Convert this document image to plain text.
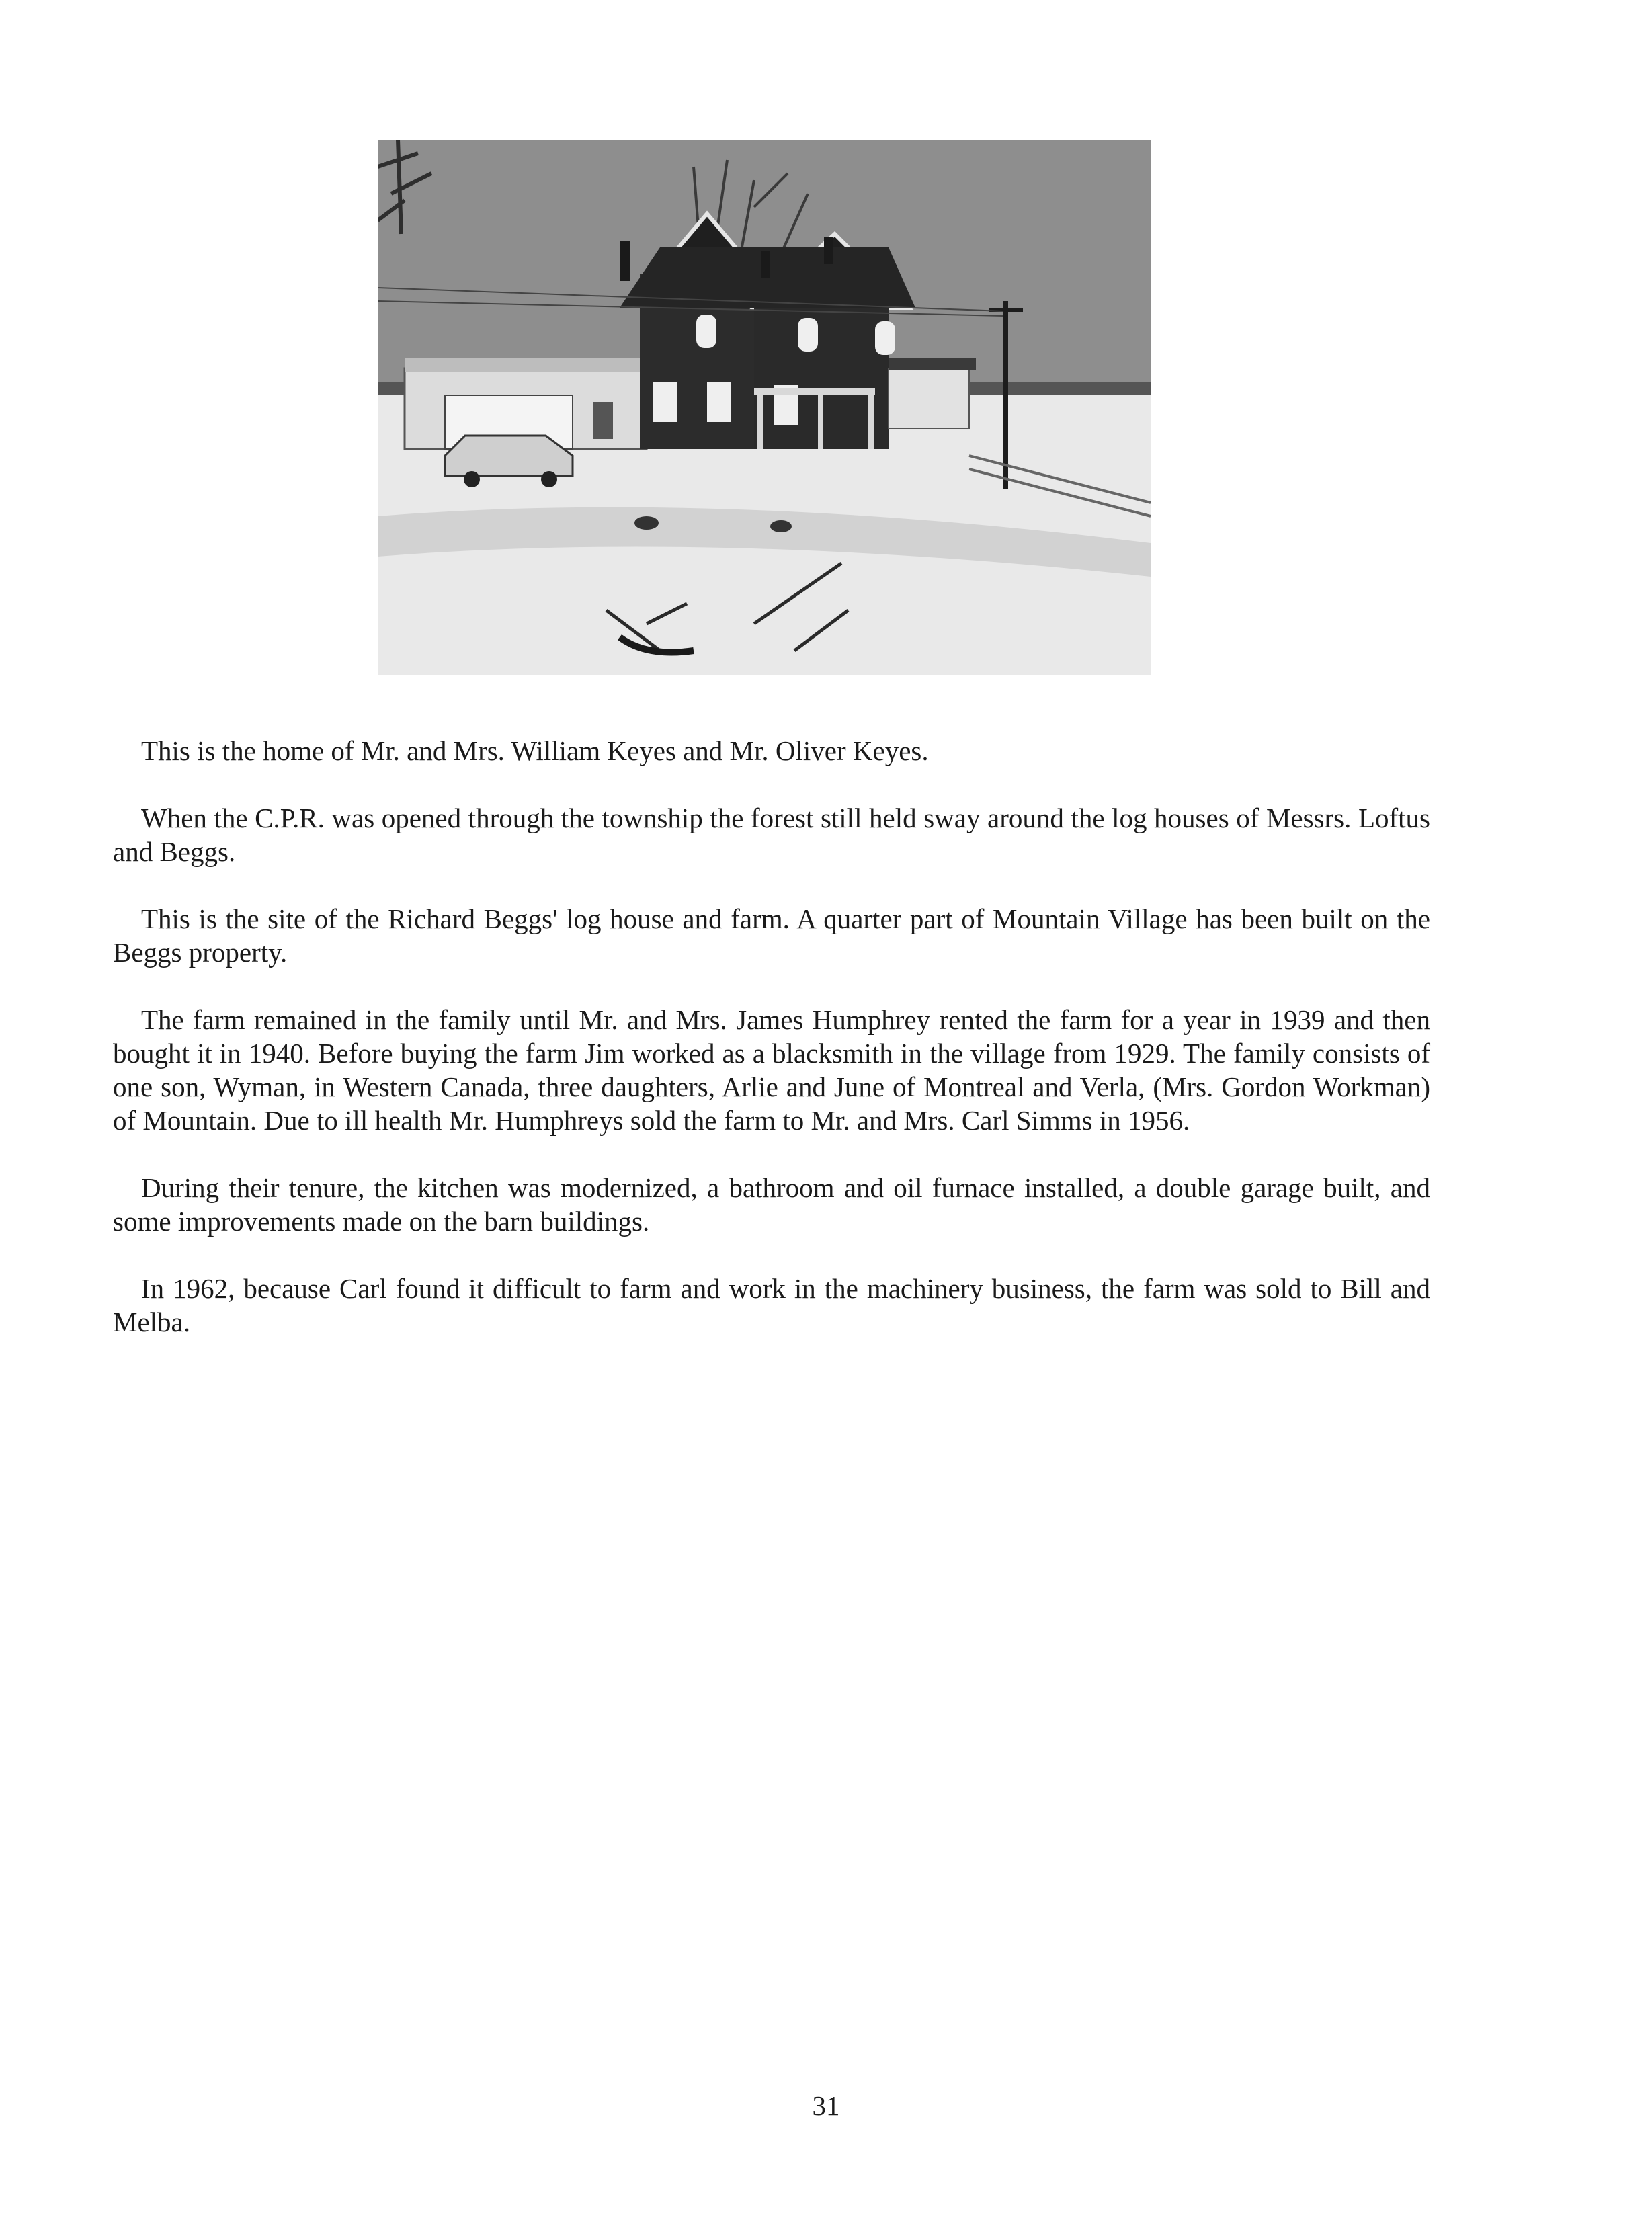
This is the home of Mr. and Mrs. William Keyes and Mr. Oliver Keyes.

When the C.P.R. was opened through the township the forest still held sway around the log houses of Messrs. Loftus and Beggs.

This is the site of the Richard Beggs' log house and farm. A quarter part of Mountain Village has been built on the Beggs property.

The farm remained in the family until Mr. and Mrs. James Humphrey rented the farm for a year in 1939 and then bought it in 1940. Before buying the farm Jim worked as a blacksmith in the village from 1929. The family consists of one son, Wyman, in Western Canada, three daughters, Arlie and June of Montreal and Verla, (Mrs. Gordon Workman) of Mountain. Due to ill health Mr. Humphreys sold the farm to Mr. and Mrs. Carl Simms in 1956.

During their tenure, the kitchen was modernized, a bathroom and oil furnace installed, a double garage built, and some improvements made on the barn buildings.

In 1962, because Carl found it difficult to farm and work in the machinery business, the farm was sold to Bill and Melba.

31
